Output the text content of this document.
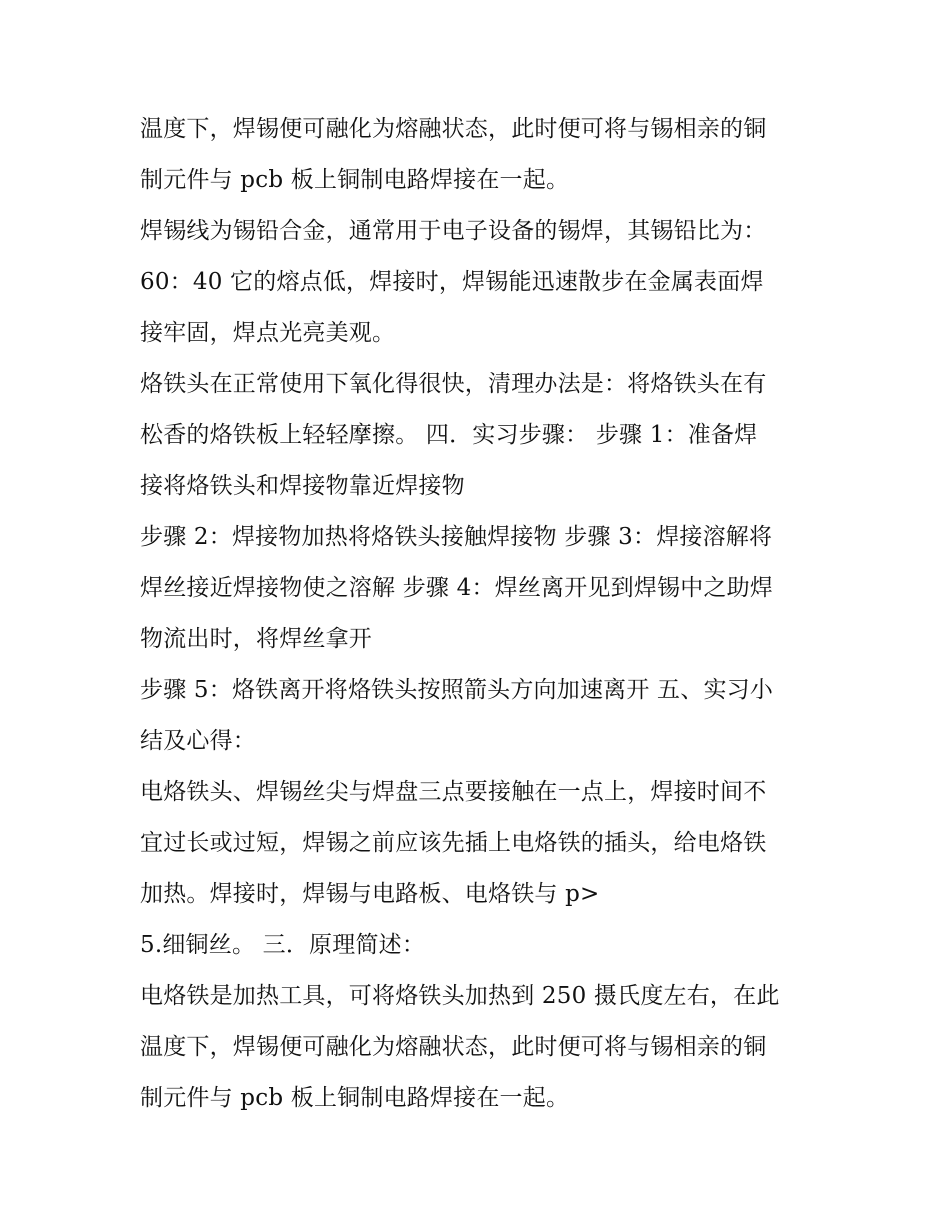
温度下，焊锡便可融化为熔融状态，此时便可将与锡相亲的铜
制元件与 pcb 板上铜制电路焊接在一起。

焊锡线为锡铅合金，通常用于电子设备的锡焊，其锡铅比为：
60：40 它的熔点低，焊接时，焊锡能迅速散步在金属表面焊
接牢固，焊点光亮美观。

烙铁头在正常使用下氧化得很快，清理办法是：将烙铁头在有
松香的烙铁板上轻轻摩擦。 四．实习步骤： 步骤 1：准备焊
接将烙铁头和焊接物靠近焊接物

步骤 2：焊接物加热将烙铁头接触焊接物 步骤 3：焊接溶解将
焊丝接近焊接物使之溶解 步骤 4：焊丝离开见到焊锡中之助焊
物流出时，将焊丝拿开

步骤 5：烙铁离开将烙铁头按照箭头方向加速离开 五、实习小
结及心得：

电烙铁头、焊锡丝尖与焊盘三点要接触在一点上，焊接时间不
宜过长或过短，焊锡之前应该先插上电烙铁的插头，给电烙铁
加热。焊接时，焊锡与电路板、电烙铁与 p>

5.细铜丝。 三．原理简述：

电烙铁是加热工具，可将烙铁头加热到 250 摄氏度左右，在此
温度下，焊锡便可融化为熔融状态，此时便可将与锡相亲的铜
制元件与 pcb 板上铜制电路焊接在一起。
